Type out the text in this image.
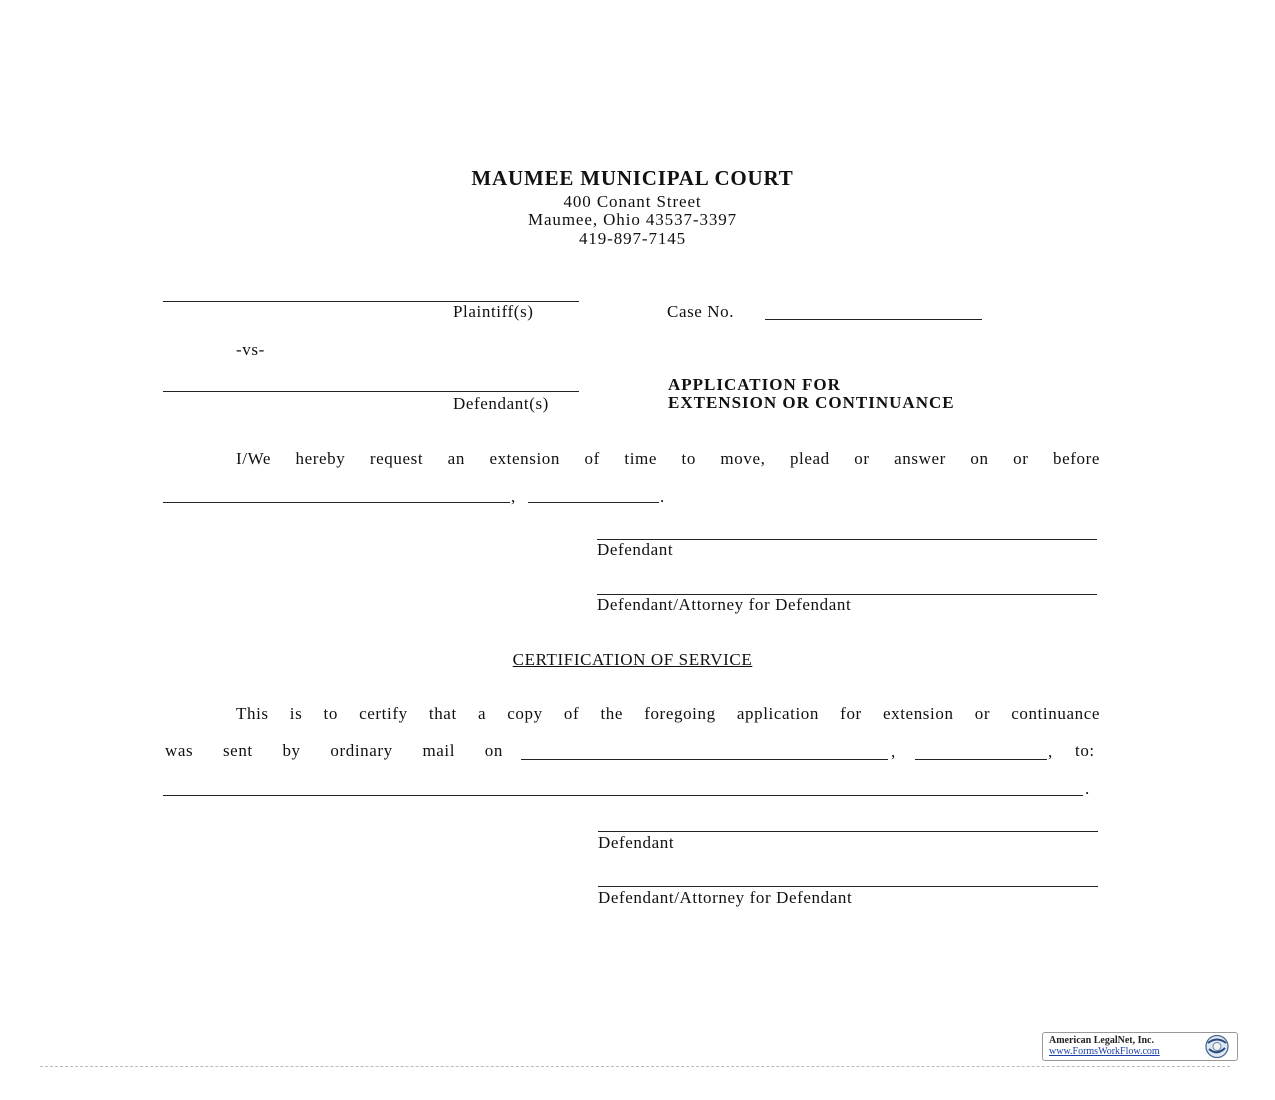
MAUMEE MUNICIPAL COURT
400 Conant Street
Maumee, Ohio 43537-3397
419-897-7145
Plaintiff(s)	Case No.
-vs-
Defendant(s)
APPLICATION FOR
EXTENSION OR CONTINUANCE
I/We hereby request an extension of time to move, plead or answer on or before
,	.
Defendant
Defendant/Attorney for Defendant
CERTIFICATION OF SERVICE
This is to certify that a copy of the foregoing application for extension or continuance
was sent by ordinary mail on	,	, to:
.
Defendant
Defendant/Attorney for Defendant
American LegalNet, Inc.
www.FormsWorkFlow.com
